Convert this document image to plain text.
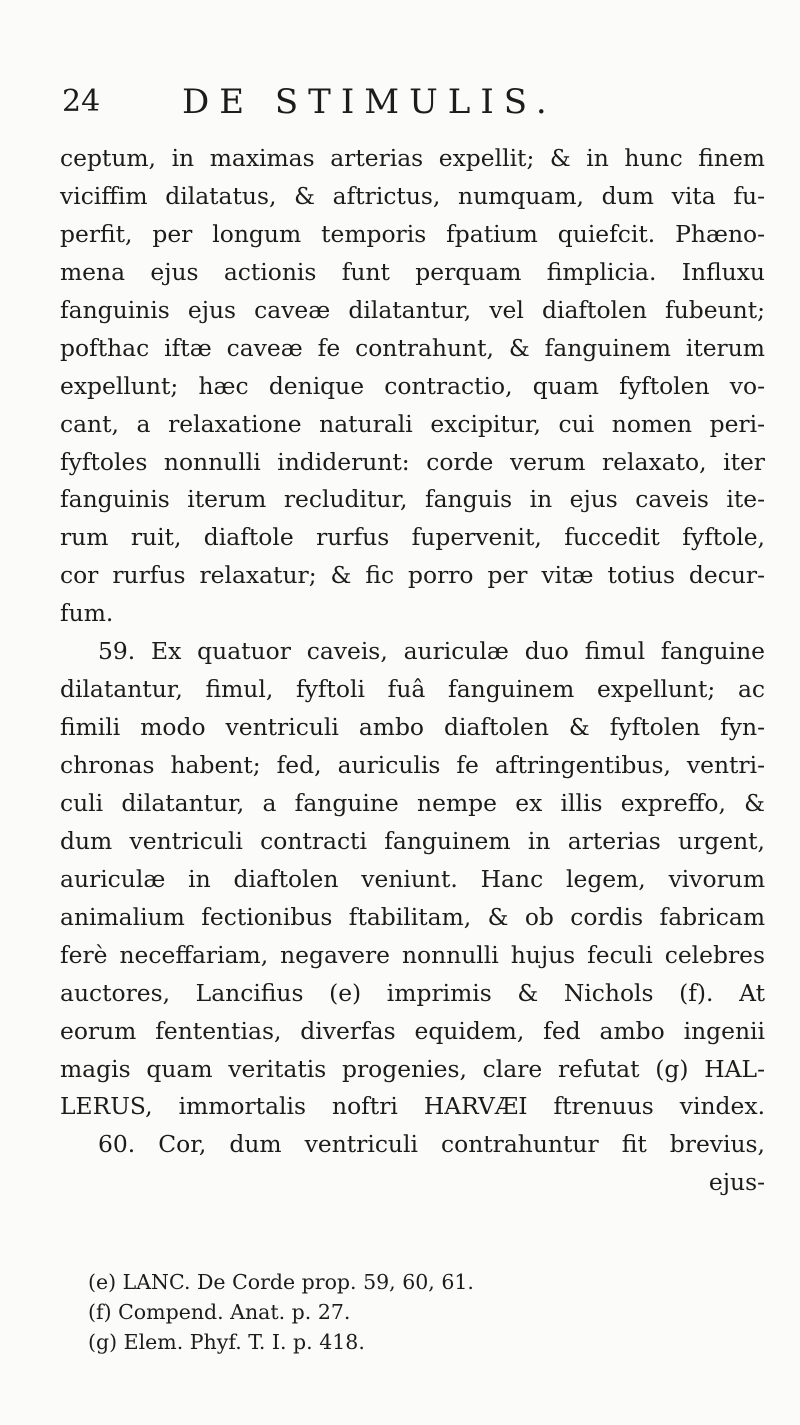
24 DE STIMULIS.
ceptum, in maximas arterias expellit; & in hunc finem
viciffim dilatatus, & aftrictus, numquam, dum vita fu-
perfit, per longum temporis fpatium quiefcit. Phæno-
mena ejus actionis funt perquam fimplicia. Influxu
fanguinis ejus caveæ dilatantur, vel diaftolen fubeunt;
pofthac iftæ caveæ fe contrahunt, & fanguinem iterum
expellunt; hæc denique contractio, quam fyftolen vo-
cant, a relaxatione naturali excipitur, cui nomen peri-
fyftoles nonnulli indiderunt: corde verum relaxato, iter
fanguinis iterum recluditur, fanguis in ejus caveis ite-
rum ruit, diaftole rurfus fupervenit, fuccedit fyftole,
cor rurfus relaxatur; & fic porro per vitæ totius decur-
fum.
59. Ex quatuor caveis, auriculæ duo fimul fanguine
dilatantur, fimul, fyftoli fuâ fanguinem expellunt; ac
fimili modo ventriculi ambo diaftolen & fyftolen fyn-
chronas habent; fed, auriculis fe aftringentibus, ventri-
culi dilatantur, a fanguine nempe ex illis expreffo, &
dum ventriculi contracti fanguinem in arterias urgent,
auriculæ in diaftolen veniunt. Hanc legem, vivorum
animalium fectionibus ftabilitam, & ob cordis fabricam
ferè neceffariam, negavere nonnulli hujus feculi celebres
auctores, Lancifius (e) imprimis & Nichols (f). At
eorum fententias, diverfas equidem, fed ambo ingenii
magis quam veritatis progenies, clare refutat (g) HAL-
LERUS, immortalis noftri HARVÆI ftrenuus vindex.
60. Cor, dum ventriculi contrahuntur fit brevius,
ejus-
(e) LANC. De Corde prop. 59, 60, 61.
(f) Compend. Anat. p. 27.
(g) Elem. Phyf. T. I. p. 418.
